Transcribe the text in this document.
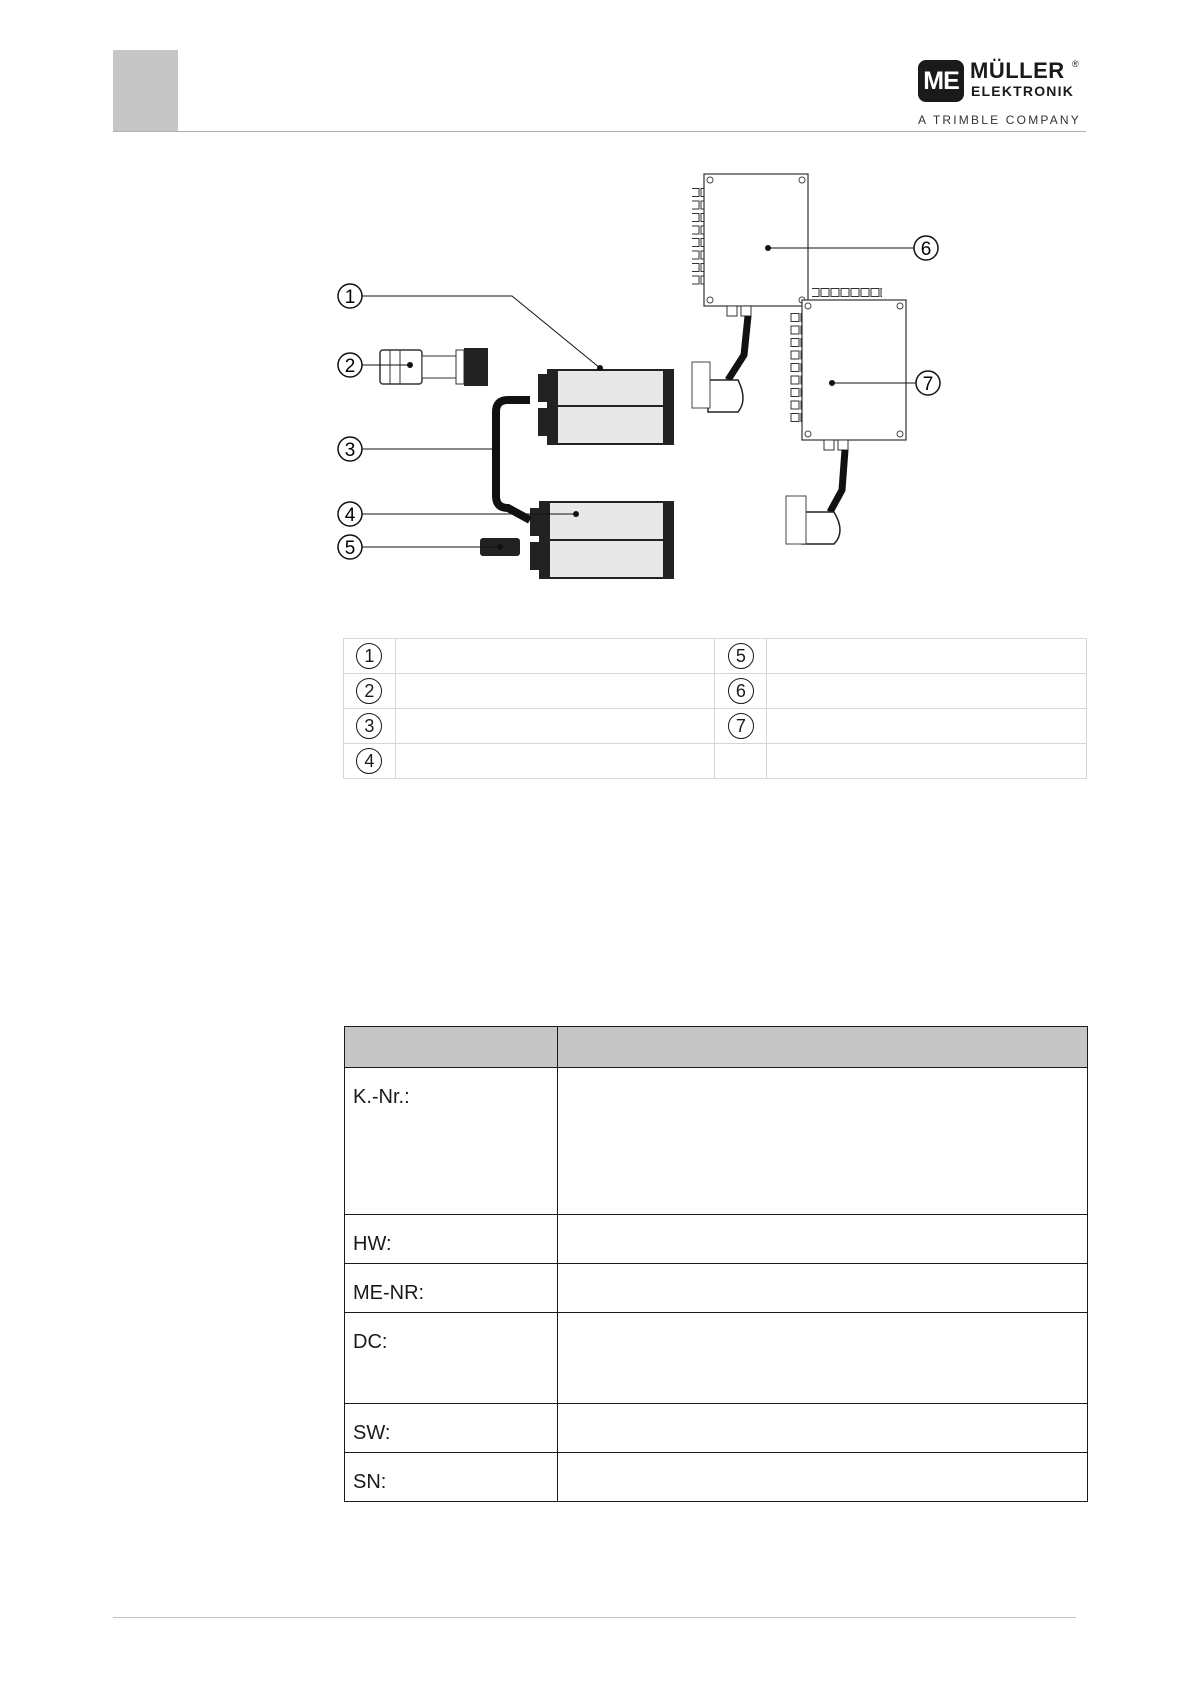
ME MÜLLER ®
ELEKTRONIK
A TRIMBLE COMPANY
1
2
3
4
5
6
7
1		5	
2		6	
3		7	
4			

K.-Nr.:	
HW:	
ME-NR:	
DC:	
SW:	
SN:	
